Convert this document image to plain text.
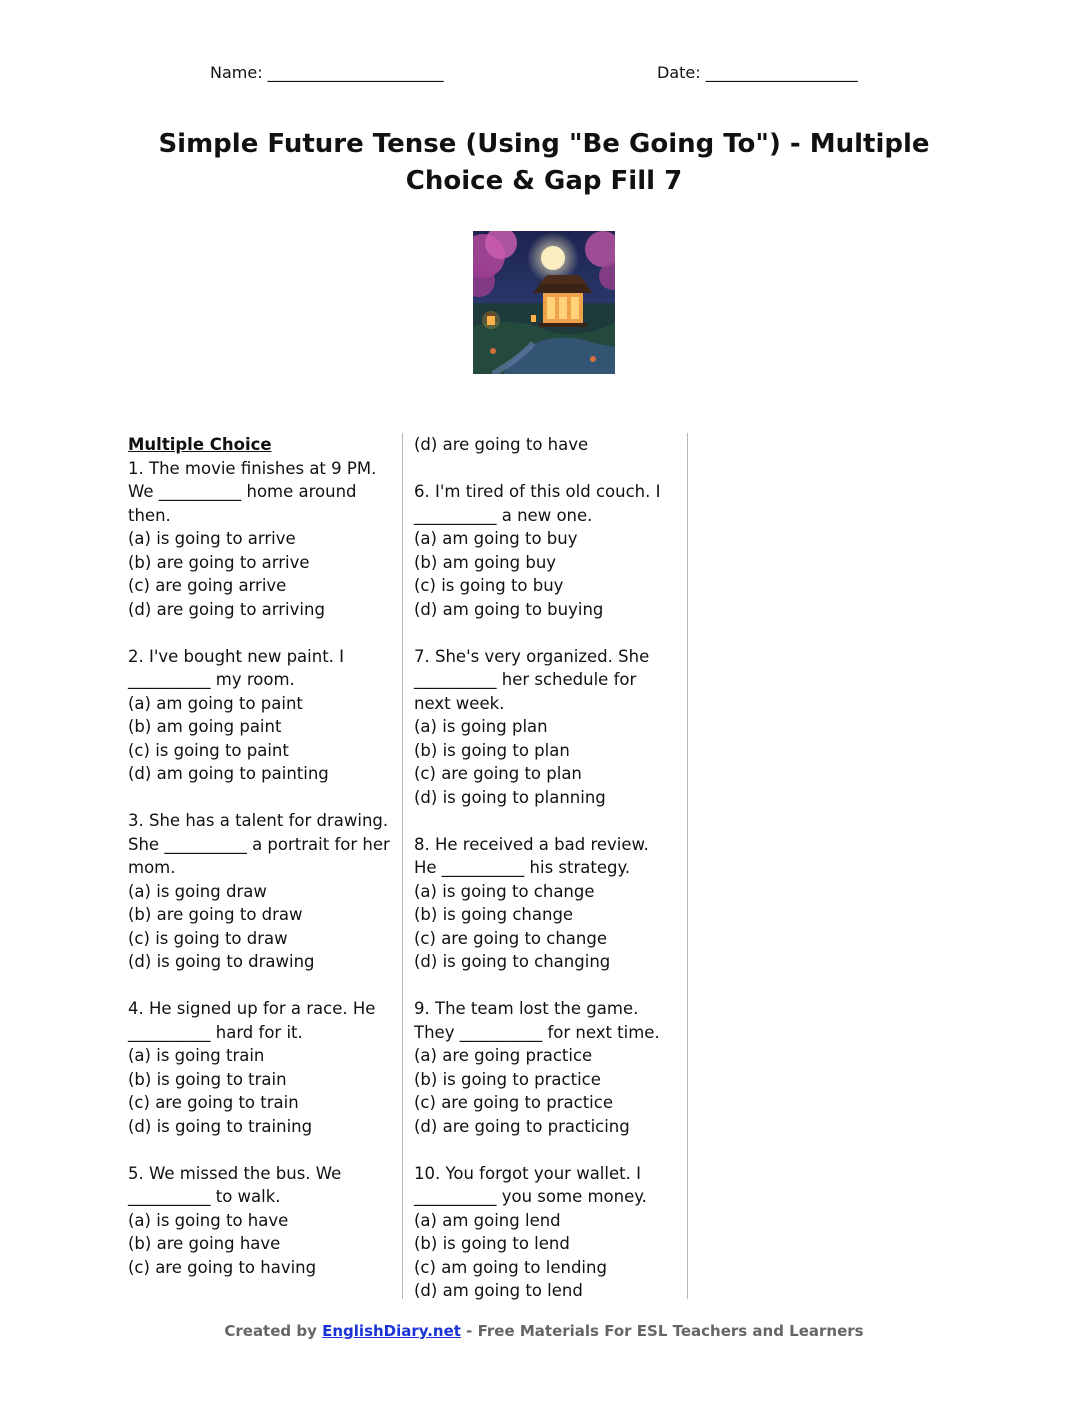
Name: ______________________	Date: ___________________
Simple Future Tense (Using "Be Going To") - Multiple Choice & Gap Fill 7
Multiple Choice
1. The movie finishes at 9 PM. We __________ home around then.
(a) is going to arrive
(b) are going to arrive
(c) are going arrive
(d) are going to arriving
2. I've bought new paint. I __________ my room.
(a) am going to paint
(b) am going paint
(c) is going to paint
(d) am going to painting
3. She has a talent for drawing. She __________ a portrait for her mom.
(a) is going draw
(b) are going to draw
(c) is going to draw
(d) is going to drawing
4. He signed up for a race. He __________ hard for it.
(a) is going train
(b) is going to train
(c) are going to train
(d) is going to training
5. We missed the bus. We __________ to walk.
(a) is going to have
(b) are going have
(c) are going to having
(d) are going to have
6. I'm tired of this old couch. I __________ a new one.
(a) am going to buy
(b) am going buy
(c) is going to buy
(d) am going to buying
7. She's very organized. She __________ her schedule for next week.
(a) is going plan
(b) is going to plan
(c) are going to plan
(d) is going to planning
8. He received a bad review. He __________ his strategy.
(a) is going to change
(b) is going change
(c) are going to change
(d) is going to changing
9. The team lost the game. They __________ for next time.
(a) are going practice
(b) is going to practice
(c) are going to practice
(d) are going to practicing
10. You forgot your wallet. I __________ you some money.
(a) am going lend
(b) is going to lend
(c) am going to lending
(d) am going to lend
Created by EnglishDiary.net - Free Materials For ESL Teachers and Learners
